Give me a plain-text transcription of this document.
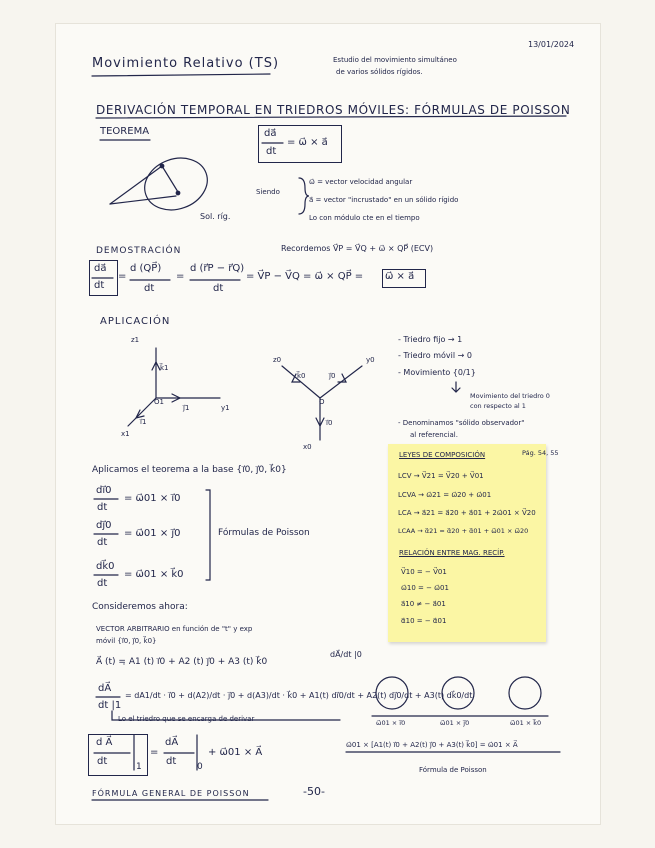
13/01/2024
Movimiento Relativo (TS)	Estudio del movimiento simultáneo
de varios sólidos rígidos.
DERIVACIÓN TEMPORAL EN TRIEDROS MÓVILES: FÓRMULAS DE POISSON
TEOREMA	da⃗
dt
= ω⃗ × a⃗
Sol. ríg.
Siendo
ω⃗ = vector velocidad angular
a⃗ = vector "incrustado" en un sólido rígido
Lo con módulo cte en el tiempo
DEMOSTRACIÓN	Recordemos V⃗P = V⃗Q + ω⃗ × QP⃗ (ECV)
da⃗
dt
=
d (QP⃗)
dt
=
d (r⃗P − r⃗Q)
dt
= V⃗P − V⃗Q = ω⃗ × QP⃗ = ω⃗ × a⃗
APLICACIÓN
- Triedro fijo → 1
- Triedro móvil → 0
- Movimiento {0/1}
Movimiento del triedro 0
con respecto al 1
- Denominamos "sólido observador"
al referencial.
z1
k⃗1
O1
j⃗1	y1
i⃗1
x1
z0	y0
k⃗0	j⃗0
O
i⃗0
x0
Aplicamos el teorema a la base {i⃗0, j⃗0, k⃗0}
di⃗0
dt
= ω⃗01 × i⃗0
dj⃗0
dt
= ω⃗01 × j⃗0
dk⃗0
dt
= ω⃗01 × k⃗0
Fórmulas de Poisson
LEYES DE COMPOSICIÓN	Pág. 54, 55
LCV → V⃗21 = V⃗20 + V⃗01
LCVA → ω⃗21 = ω⃗20 + ω⃗01
LCA → a⃗21 = a⃗20 + a⃗01 + 2ω⃗01 × V⃗20
LCAA → α⃗21 = α⃗20 + α⃗01 + ω⃗01 × ω⃗20
RELACIÓN ENTRE MAG. RECÍP.
V⃗10 = − V⃗01
ω⃗10 = − ω⃗01
a⃗10 ≠ − a⃗01
α⃗10 = − α⃗01
Consideremos ahora:
VECTOR ARBITRARIO en función de "t" y exp
móvil {i⃗0, j⃗0, k⃗0}
A⃗ (t) = A1 (t) i⃗0 + A2 (t) j⃗0 + A3 (t) k⃗0
dA⃗/dt |0
dA⃗
dt |1
= dA1/dt · i⃗0 + d(A2)/dt · j⃗0 + d(A3)/dt · k⃗0 + A1(t) di⃗0/dt + A2(t) dj⃗0/dt + A3(t) dk⃗0/dt
Lo el triedro que se encarga de derivar	ω⃗01 × i⃗0	ω⃗01 × j⃗0	ω⃗01 × k⃗0
ω⃗01 × [A1(t) i⃗0 + A2(t) j⃗0 + A3(t) k⃗0] = ω⃗01 × A⃗
Fórmula de Poisson
d A⃗
dt	1
=
dA⃗
dt 0
+ ω⃗01 × A⃗
FÓRMULA GENERAL DE POISSON	-50-
